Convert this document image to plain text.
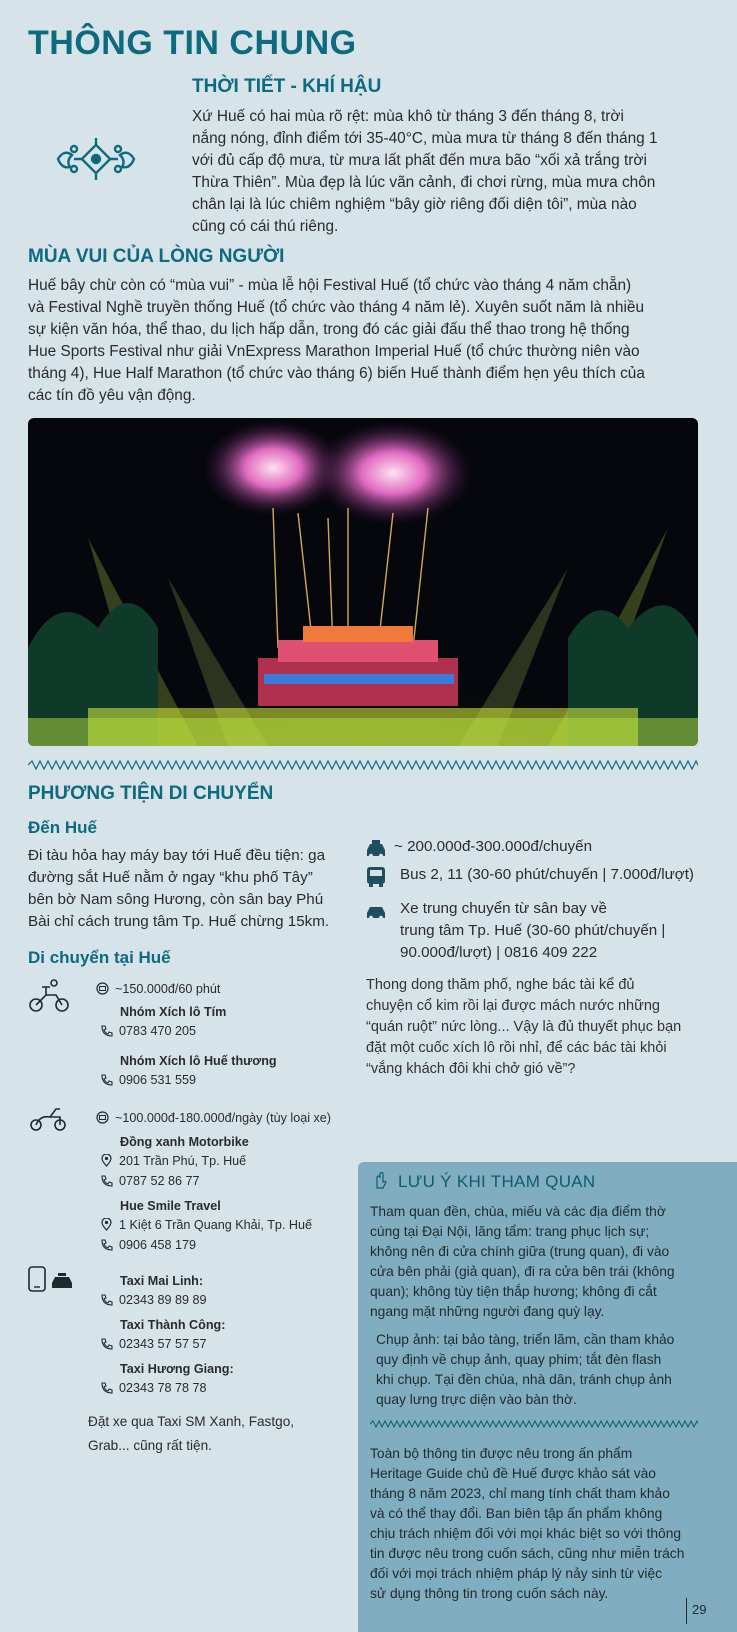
THÔNG TIN CHUNG
THỜI TIẾT - KHÍ HẬU
Xứ Huế có hai mùa rõ rệt: mùa khô từ tháng 3 đến tháng 8, trời
nắng nóng, đỉnh điểm tới 35-40°C, mùa mưa từ tháng 8 đến tháng 1
với đủ cấp độ mưa, từ mưa lất phất đến mưa bão “xối xả trắng trời
Thừa Thiên”. Mùa đẹp là lúc vãn cảnh, đi chơi rừng, mùa mưa chôn
chân lại là lúc chiêm nghiệm “bây giờ riêng đối diện tôi”, mùa nào
cũng có cái thú riêng.
MÙA VUI CỦA LÒNG NGƯỜI
Huế bây chừ còn có “mùa vui” - mùa lễ hội Festival Huế (tổ chức vào tháng 4 năm chẵn)
và Festival Nghề truyền thống Huế (tổ chức vào tháng 4 năm lẻ). Xuyên suốt năm là nhiều
sự kiện văn hóa, thể thao, du lịch hấp dẫn, trong đó các giải đấu thể thao trong hệ thống
Hue Sports Festival như giải VnExpress Marathon Imperial Huế (tổ chức thường niên vào
tháng 4), Hue Half Marathon (tổ chức vào tháng 6) biến Huế thành điểm hẹn yêu thích của
các tín đồ yêu vận động.
PHƯƠNG TIỆN DI CHUYỂN
Đến Huế
Đi tàu hỏa hay máy bay tới Huế đều tiện: ga
đường sắt Huế nằm ở ngay “khu phố Tây”
bên bờ Nam sông Hương, còn sân bay Phú
Bài chỉ cách trung tâm Tp. Huế chừng 15km.
~ 200.000đ-300.000đ/chuyến
Bus 2, 11 (30-60 phút/chuyến | 7.000đ/lượt)
Xe trung chuyển từ sân bay về
trung tâm Tp. Huế (30-60 phút/chuyến |
90.000đ/lượt) | 0816 409 222
Di chuyển tại Huế
~150.000đ/60 phút
Nhóm Xích lô Tím
0783 470 205
Nhóm Xích lô Huế thương
0906 531 559
~100.000đ-180.000đ/ngày (tùy loại xe)
Đồng xanh Motorbike
201 Trần Phú, Tp. Huế
0787 52 86 77
Hue Smile Travel
1 Kiệt 6 Trần Quang Khải, Tp. Huế
0906 458 179
Taxi Mai Linh:
02343 89 89 89
Taxi Thành Công:
02343 57 57 57
Taxi Hương Giang:
02343 78 78 78
Đặt xe qua Taxi SM Xanh, Fastgo,
Grab... cũng rất tiện.
Thong dong thăm phố, nghe bác tài kể đủ
chuyện cổ kim rồi lại được mách nước những
“quán ruột” nức lòng... Vậy là đủ thuyết phục bạn
đặt một cuốc xích lô rồi nhỉ, để các bác tài khỏi
“vắng khách đôi khi chở gió về”?
LƯU Ý KHI THAM QUAN
Tham quan đền, chùa, miếu và các địa điểm thờ
cúng tại Đại Nội, lăng tẩm: trang phục lịch sự;
không nên đi cửa chính giữa (trung quan), đi vào
cửa bên phải (giả quan), đi ra cửa bên trái (không
quan); không tùy tiện thắp hương; không đi cắt
ngang mặt những người đang quỳ lạy.
Chụp ảnh: tại bảo tàng, triển lãm, cần tham khảo
quy định về chụp ảnh, quay phim; tắt đèn flash
khi chụp. Tại đền chùa, nhà dân, tránh chụp ảnh
quay lưng trực diện vào bàn thờ.
Toàn bộ thông tin được nêu trong ấn phẩm
Heritage Guide chủ đề Huế được khảo sát vào
tháng 8 năm 2023, chỉ mang tính chất tham khảo
và có thể thay đổi. Ban biên tập ấn phẩm không
chịu trách nhiệm đối với mọi khác biệt so với thông
tin được nêu trong cuốn sách, cũng như miễn trách
đối với mọi trách nhiệm pháp lý nảy sinh từ việc
sử dụng thông tin trong cuốn sách này.
29
